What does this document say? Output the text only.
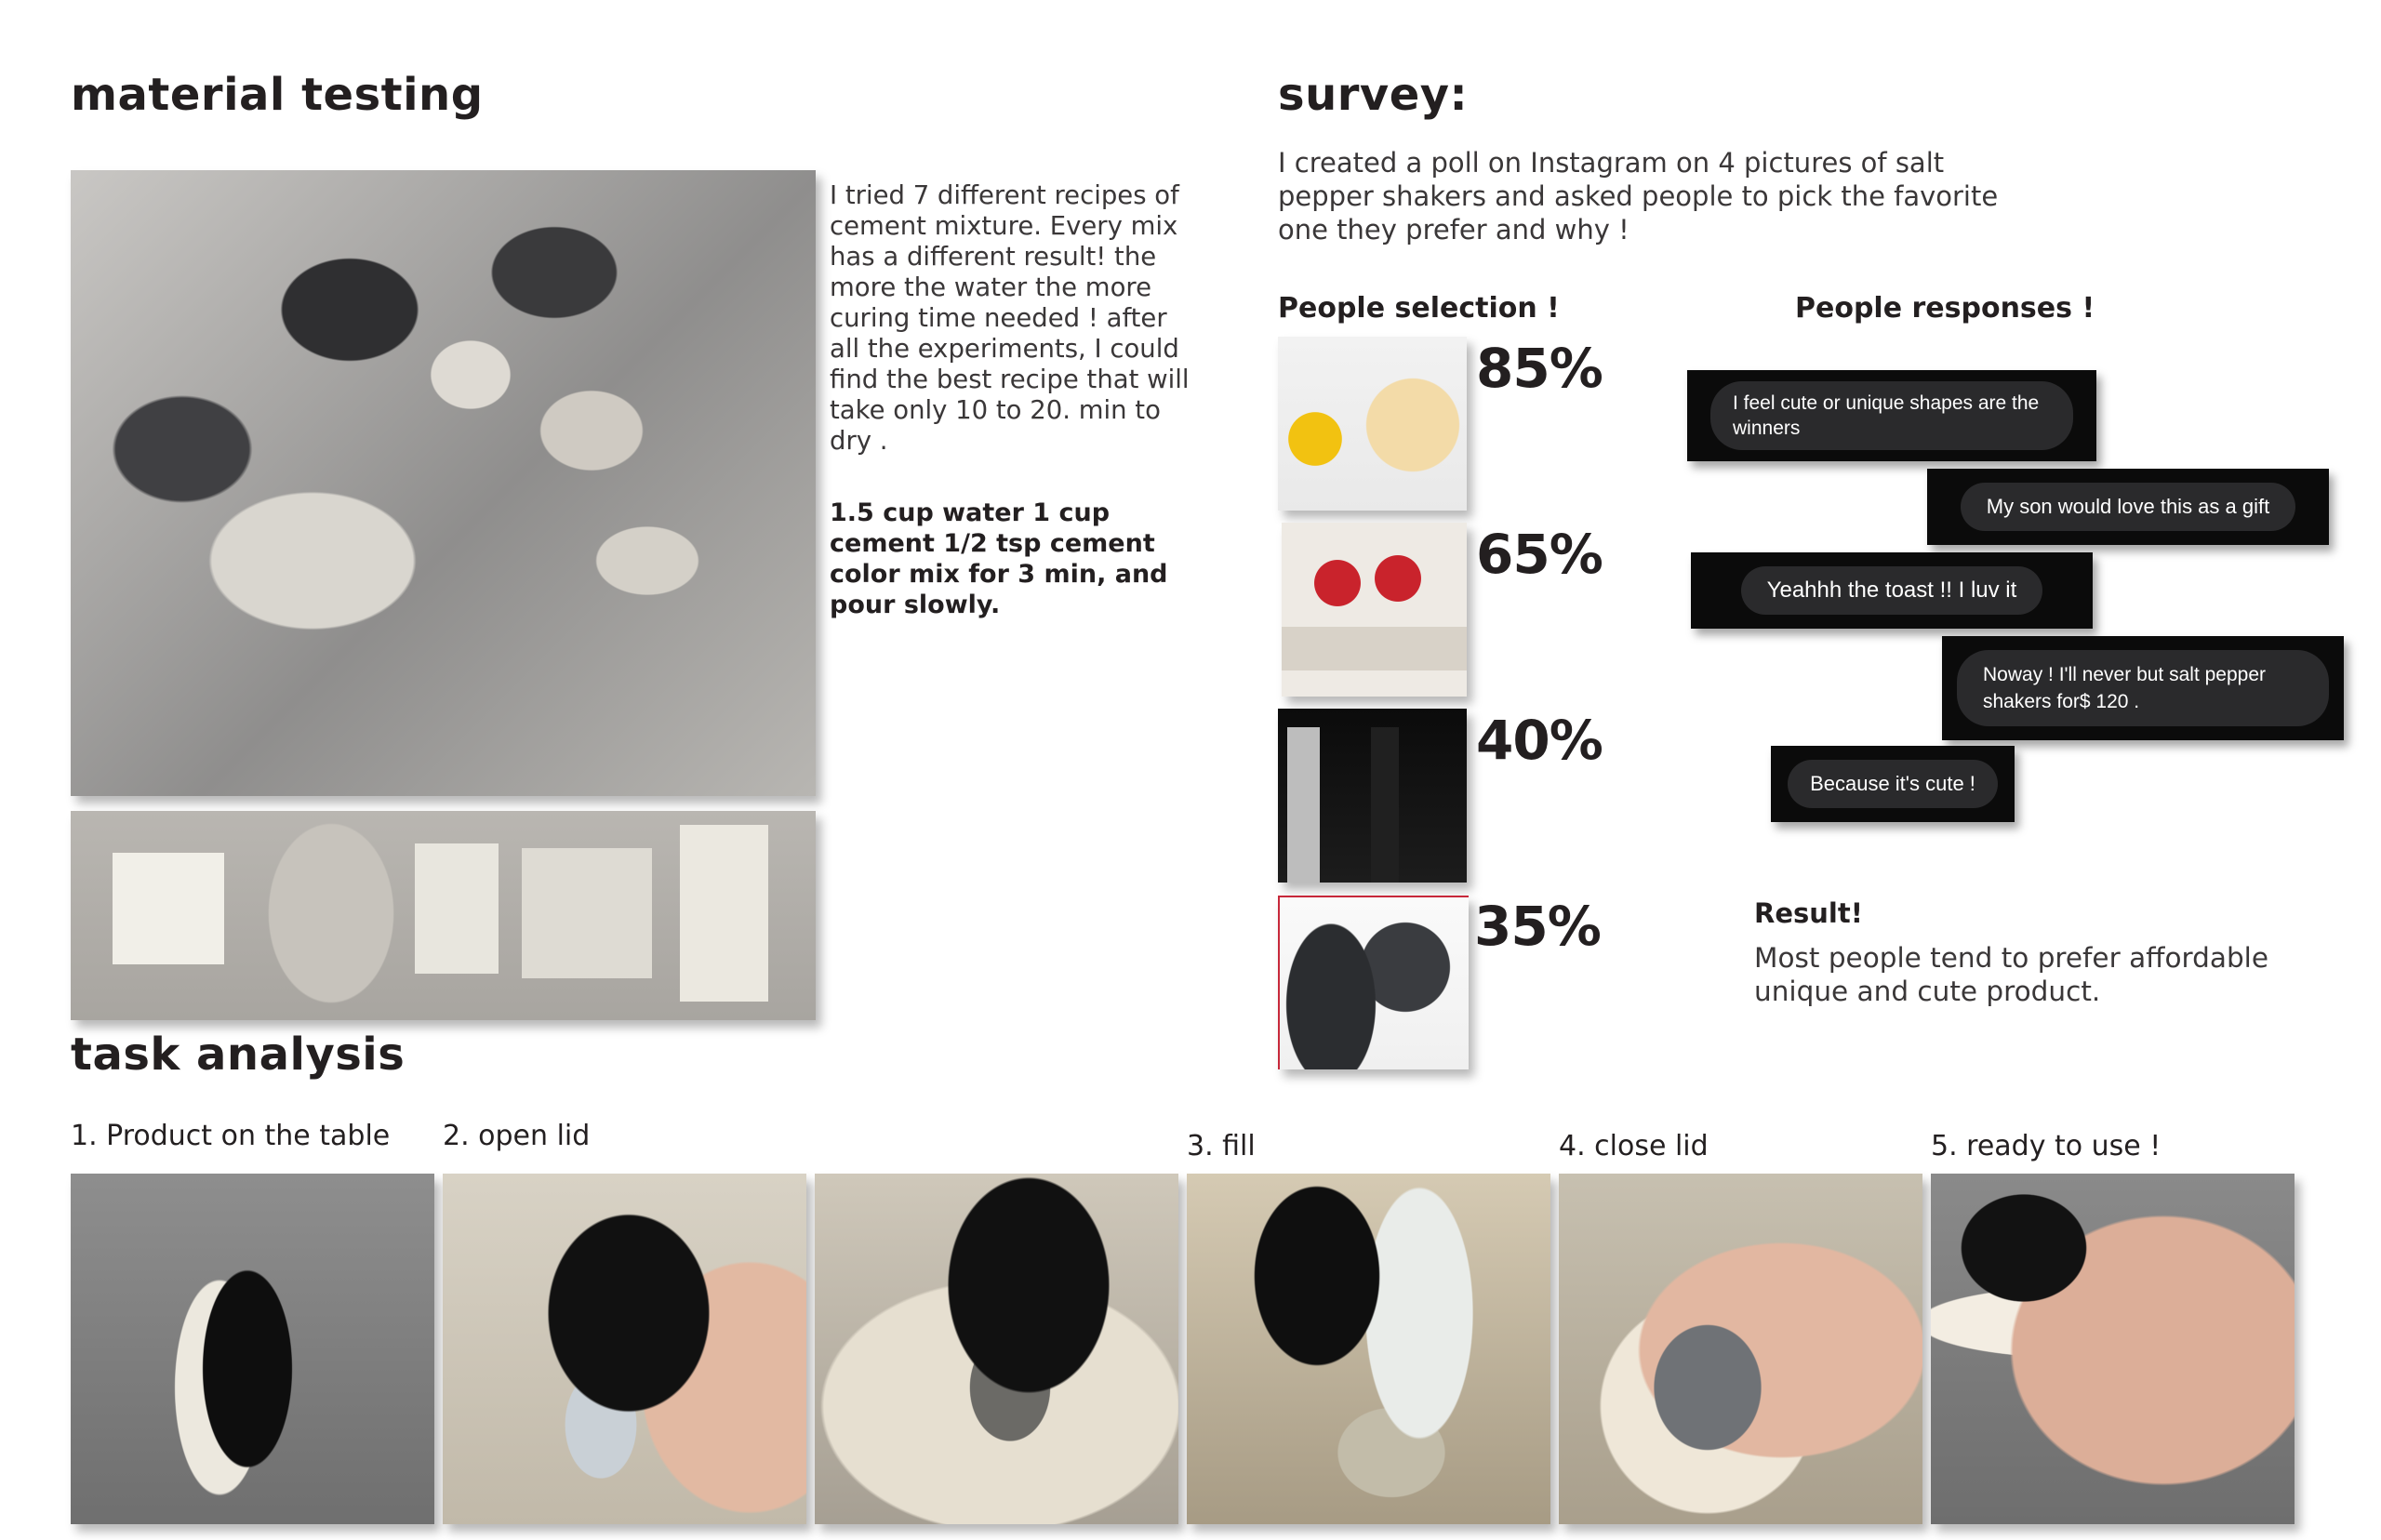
material testing
I tried 7 different recipes of cement mixture. Every mix has a different result! the more the water the more curing time needed ! after all the experiments, I could find the best recipe that will take only 10 to 20. min to dry .
1.5 cup water 1 cup cement 1/2 tsp cement color mix for 3 min, and pour slowly.
survey:
I created a poll on Instagram on 4 pictures of salt pepper shakers and asked people to pick the favorite one they prefer and why !
People selection !	People responses !
85%
65%
40%
35%
I feel cute or unique shapes are the winners
My son would love this as a gift
Yeahhh the toast !! I luv it
Noway ! I'll never but salt pepper shakers for$ 120 .
Because it's cute !
Result!
Most people tend to prefer affordable unique and cute product.
task analysis
1. Product on the table 2. open lid	3. fill	4. close lid	5. ready to use !
